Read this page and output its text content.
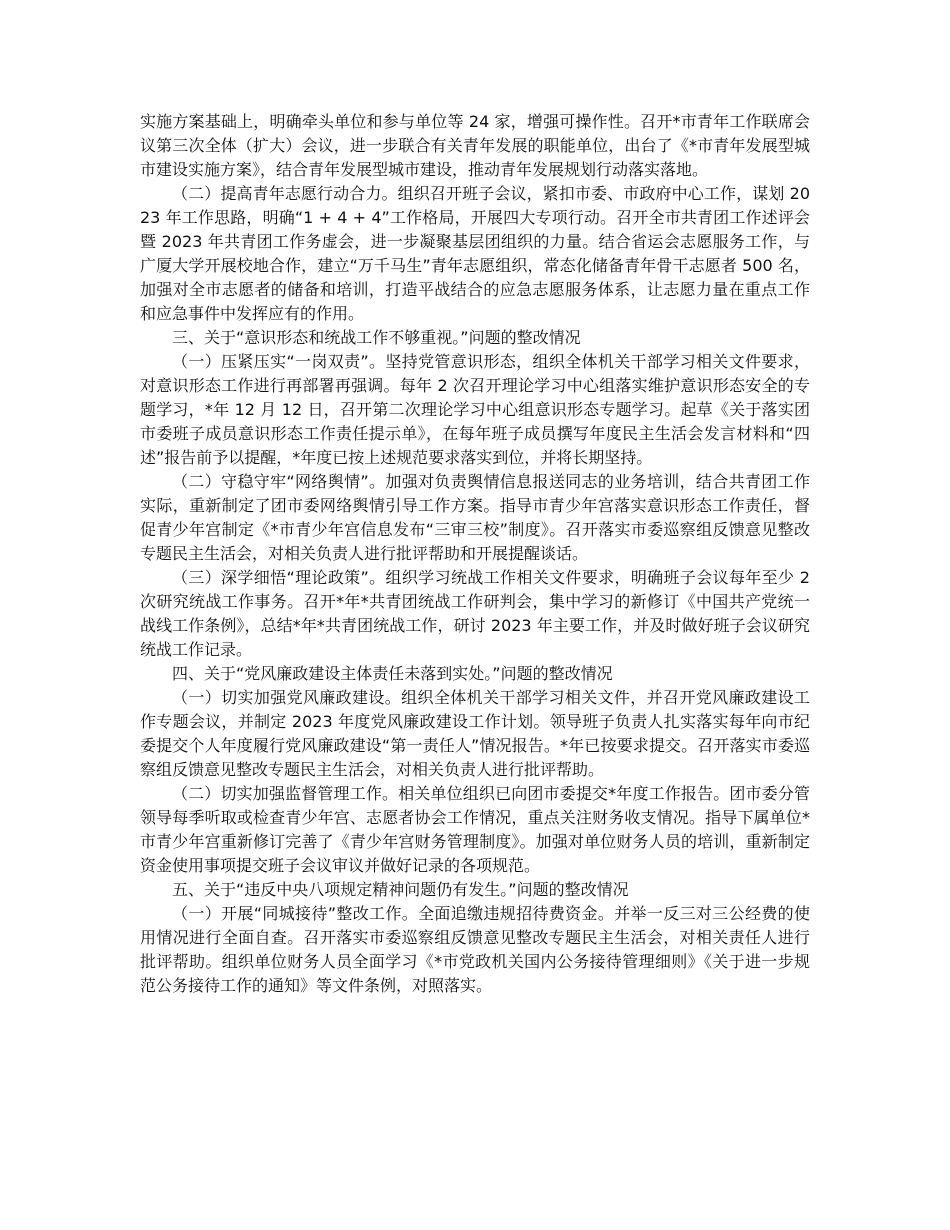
实施方案基础上，明确牵头单位和参与单位等 24 家，增强可操作性。召开*市青年工作联席会议第三次全体（扩大）会议，进一步联合有关青年发展的职能单位，出台了《*市青年发展型城市建设实施方案》，结合青年发展型城市建设，推动青年发展规划行动落实落地。

（二）提高青年志愿行动合力。组织召开班子会议，紧扣市委、市政府中心工作，谋划 2023 年工作思路，明确“1 + 4 + 4”工作格局，开展四大专项行动。召开全市共青团工作述评会暨 2023 年共青团工作务虚会，进一步凝聚基层团组织的力量。结合省运会志愿服务工作，与广厦大学开展校地合作，建立“万千马生”青年志愿组织，常态化储备青年骨干志愿者 500 名，加强对全市志愿者的储备和培训，打造平战结合的应急志愿服务体系，让志愿力量在重点工作和应急事件中发挥应有的作用。

三、关于“意识形态和统战工作不够重视。”问题的整改情况

（一）压紧压实“一岗双责”。坚持党管意识形态，组织全体机关干部学习相关文件要求，对意识形态工作进行再部署再强调。每年 2 次召开理论学习中心组落实维护意识形态安全的专题学习，*年 12 月 12 日，召开第二次理论学习中心组意识形态专题学习。起草《关于落实团市委班子成员意识形态工作责任提示单》，在每年班子成员撰写年度民主生活会发言材料和“四述”报告前予以提醒，*年度已按上述规范要求落实到位，并将长期坚持。

（二）守稳守牢“网络舆情”。加强对负责舆情信息报送同志的业务培训，结合共青团工作实际，重新制定了团市委网络舆情引导工作方案。指导市青少年宫落实意识形态工作责任，督促青少年宫制定《*市青少年宫信息发布“三审三校”制度》。召开落实市委巡察组反馈意见整改专题民主生活会，对相关负责人进行批评帮助和开展提醒谈话。

（三）深学细悟“理论政策”。组织学习统战工作相关文件要求，明确班子会议每年至少 2 次研究统战工作事务。召开*年*共青团统战工作研判会，集中学习的新修订《中国共产党统一战线工作条例》，总结*年*共青团统战工作，研讨 2023 年主要工作，并及时做好班子会议研究统战工作记录。

四、关于“党风廉政建设主体责任未落到实处。”问题的整改情况

（一）切实加强党风廉政建设。组织全体机关干部学习相关文件，并召开党风廉政建设工作专题会议，并制定 2023 年度党风廉政建设工作计划。领导班子负责人扎实落实每年向市纪委提交个人年度履行党风廉政建设“第一责任人”情况报告。*年已按要求提交。召开落实市委巡察组反馈意见整改专题民主生活会，对相关负责人进行批评帮助。

（二）切实加强监督管理工作。相关单位组织已向团市委提交*年度工作报告。团市委分管领导每季听取或检查青少年宫、志愿者协会工作情况，重点关注财务收支情况。指导下属单位*市青少年宫重新修订完善了《青少年宫财务管理制度》。加强对单位财务人员的培训，重新制定资金使用事项提交班子会议审议并做好记录的各项规范。

五、关于“违反中央八项规定精神问题仍有发生。”问题的整改情况

（一）开展“同城接待”整改工作。全面追缴违规招待费资金。并举一反三对三公经费的使用情况进行全面自查。召开落实市委巡察组反馈意见整改专题民主生活会，对相关责任人进行批评帮助。组织单位财务人员全面学习《*市党政机关国内公务接待管理细则》《关于进一步规范公务接待工作的通知》等文件条例，对照落实。
